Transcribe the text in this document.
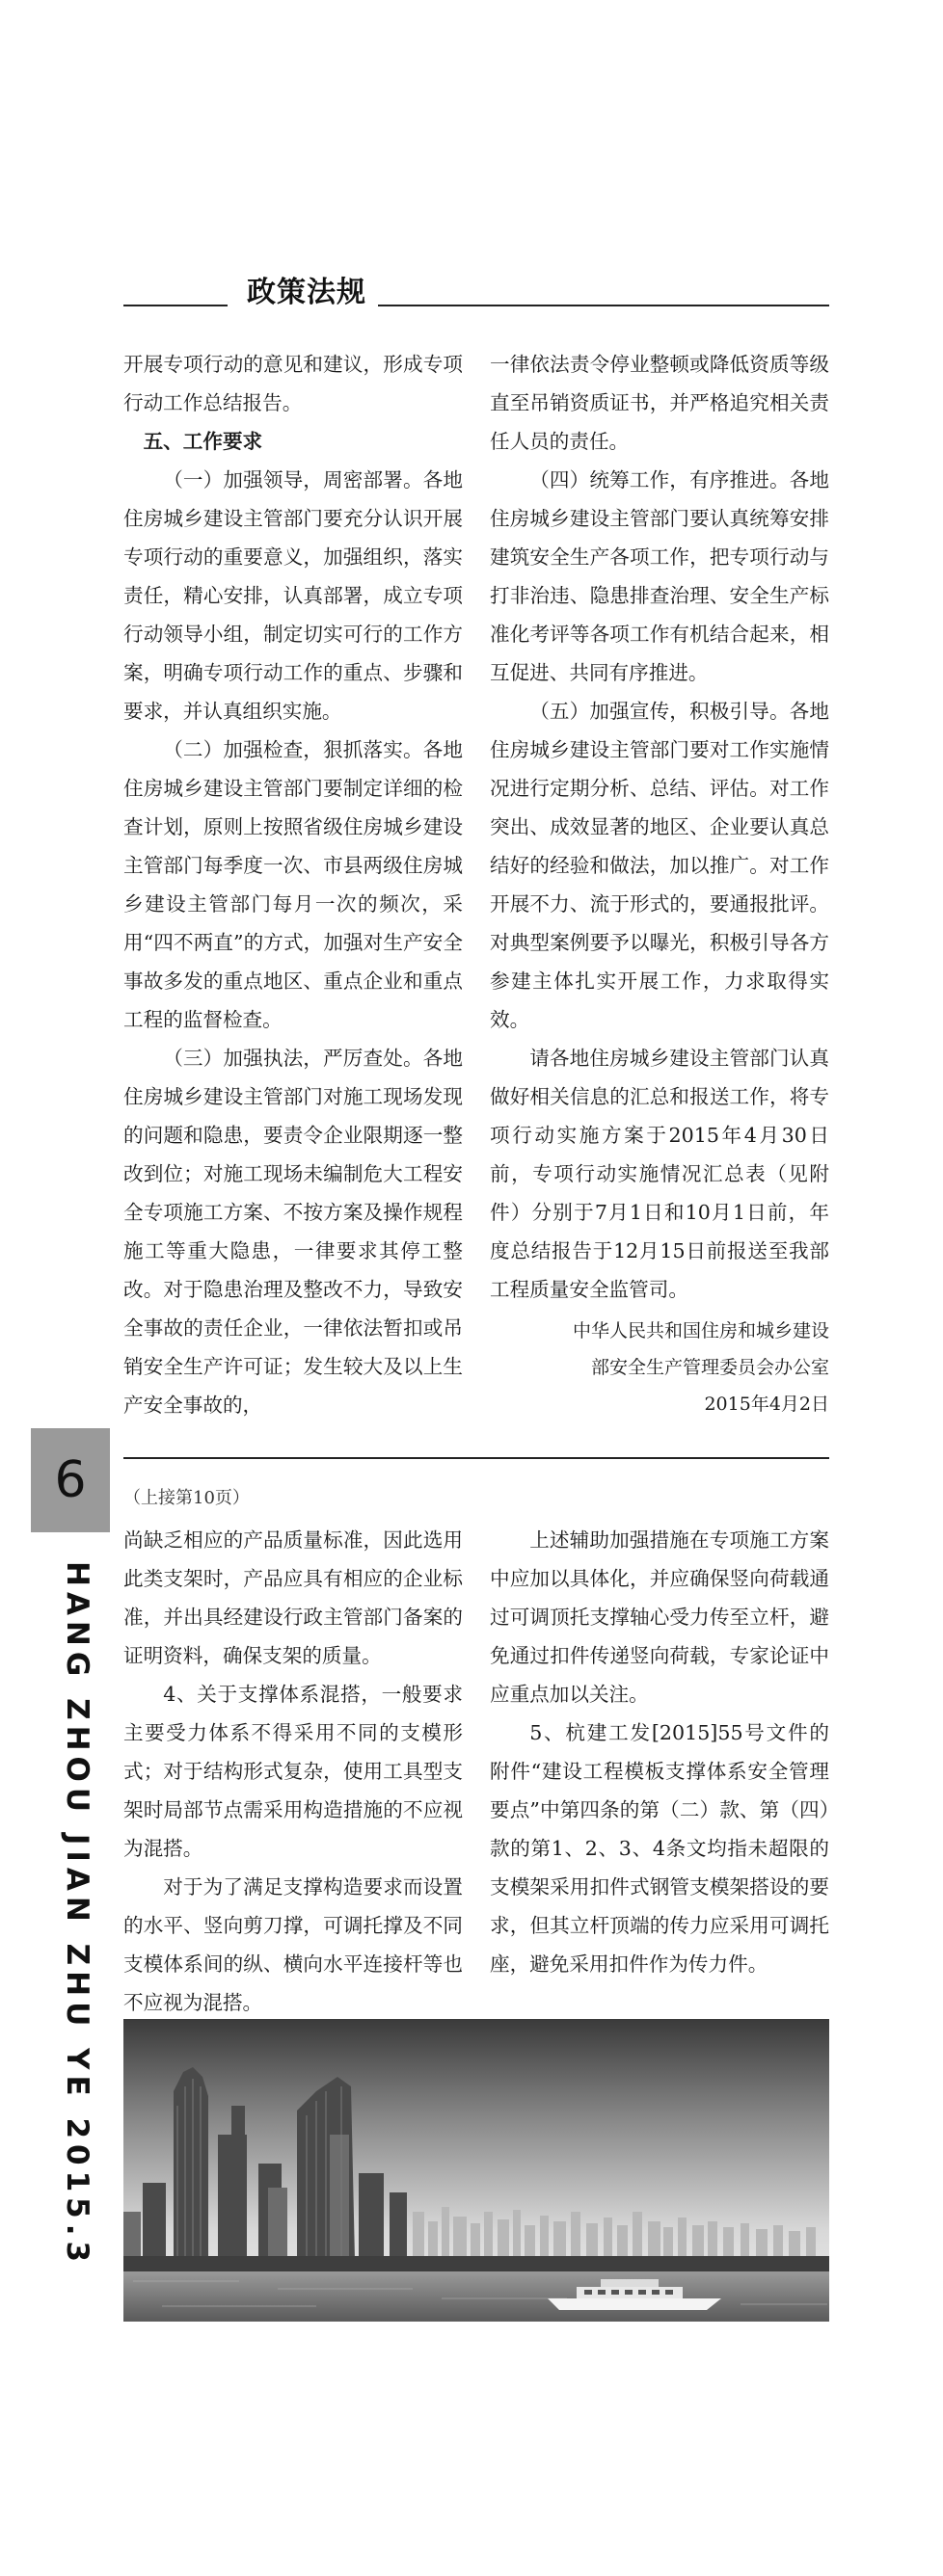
政策法规

开展专项行动的意见和建议，形成专项行动工作总结报告。

五、工作要求

（一）加强领导，周密部署。各地住房城乡建设主管部门要充分认识开展专项行动的重要意义，加强组织，落实责任，精心安排，认真部署，成立专项行动领导小组，制定切实可行的工作方案，明确专项行动工作的重点、步骤和要求，并认真组织实施。

（二）加强检查，狠抓落实。各地住房城乡建设主管部门要制定详细的检查计划，原则上按照省级住房城乡建设主管部门每季度一次、市县两级住房城乡建设主管部门每月一次的频次，采用“四不两直”的方式，加强对生产安全事故多发的重点地区、重点企业和重点工程的监督检查。

（三）加强执法，严厉查处。各地住房城乡建设主管部门对施工现场发现的问题和隐患，要责令企业限期逐一整改到位；对施工现场未编制危大工程安全专项施工方案、不按方案及操作规程施工等重大隐患，一律要求其停工整改。对于隐患治理及整改不力，导致安全事故的责任企业，一律依法暂扣或吊销安全生产许可证；发生较大及以上生产安全事故的，

一律依法责令停业整顿或降低资质等级直至吊销资质证书，并严格追究相关责任人员的责任。

（四）统筹工作，有序推进。各地住房城乡建设主管部门要认真统筹安排建筑安全生产各项工作，把专项行动与打非治违、隐患排查治理、安全生产标准化考评等各项工作有机结合起来，相互促进、共同有序推进。

（五）加强宣传，积极引导。各地住房城乡建设主管部门要对工作实施情况进行定期分析、总结、评估。对工作突出、成效显著的地区、企业要认真总结好的经验和做法，加以推广。对工作开展不力、流于形式的，要通报批评。对典型案例要予以曝光，积极引导各方参建主体扎实开展工作，力求取得实效。

请各地住房城乡建设主管部门认真做好相关信息的汇总和报送工作，将专项行动实施方案于2015年4月30日前，专项行动实施情况汇总表（见附件）分别于7月1日和10月1日前，年度总结报告于12月15日前报送至我部工程质量安全监管司。

中华人民共和国住房和城乡建设
部安全生产管理委员会办公室
2015年4月2日
6
HANG ZHOU JIAN ZHU YE 2015.3
（上接第10页）

尚缺乏相应的产品质量标准，因此选用此类支架时，产品应具有相应的企业标准，并出具经建设行政主管部门备案的证明资料，确保支架的质量。

4、关于支撑体系混搭，一般要求主要受力体系不得采用不同的支模形式；对于结构形式复杂，使用工具型支架时局部节点需采用构造措施的不应视为混搭。

对于为了满足支撑构造要求而设置的水平、竖向剪刀撑，可调托撑及不同支模体系间的纵、横向水平连接杆等也不应视为混搭。

上述辅助加强措施在专项施工方案中应加以具体化，并应确保竖向荷载通过可调顶托支撑轴心受力传至立杆，避免通过扣件传递竖向荷载，专家论证中应重点加以关注。

5、杭建工发[2015]55号文件的附件“建设工程模板支撑体系安全管理要点”中第四条的第（二）款、第（四）款的第1、2、3、4条文均指未超限的支模架采用扣件式钢管支模架搭设的要求，但其立杆顶端的传力应采用可调托座，避免采用扣件作为传力件。
